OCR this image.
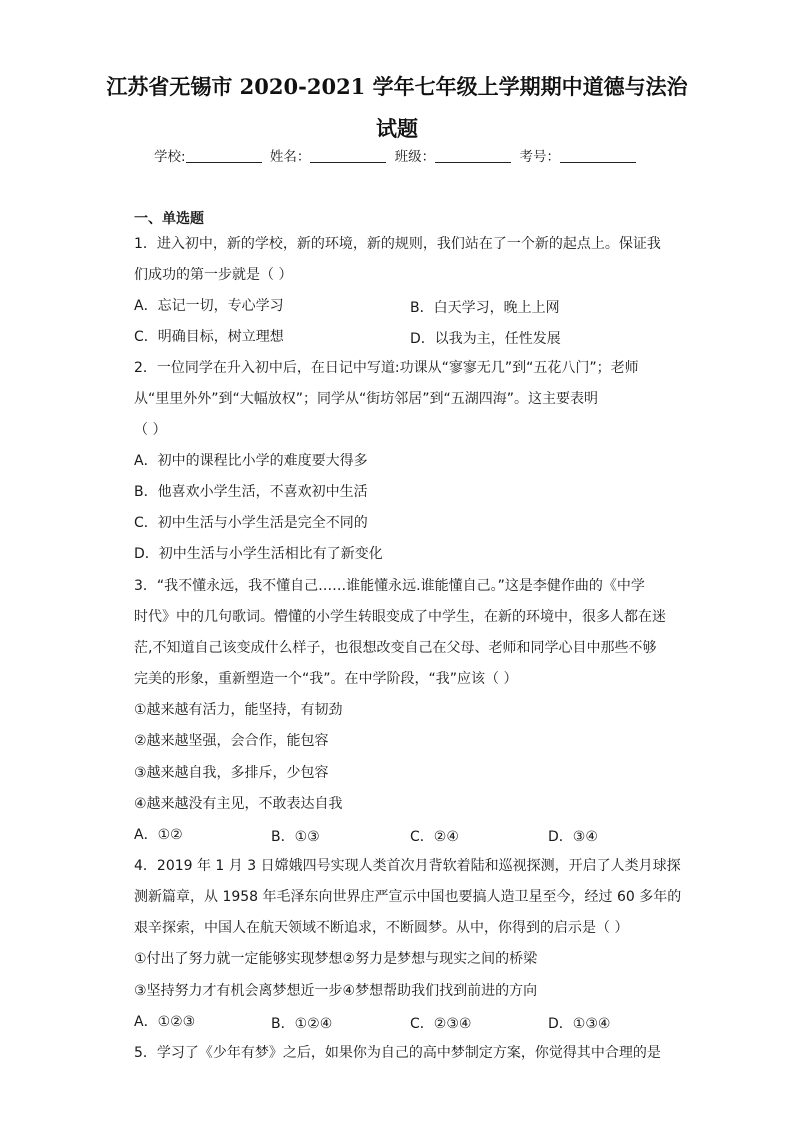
江苏省无锡市 2020-2021 学年七年级上学期期中道德与法治
试题
学校:	姓名：	班级：	考号：
一、单选题
1．进入初中，新的学校，新的环境，新的规则，我们站在了一个新的起点上。保证我
们成功的第一步就是（ ）
A．忘记一切，专心学习	B．白天学习，晚上上网
C．明确目标，树立理想	D．以我为主，任性发展
2．一位同学在升入初中后，在日记中写道:功课从“寥寥无几”到“五花八门”；老师
从“里里外外”到“大幅放权”；同学从“街坊邻居”到“五湖四海”。这主要表明
（ ）
A．初中的课程比小学的难度要大得多
B．他喜欢小学生活，不喜欢初中生活
C．初中生活与小学生活是完全不同的
D．初中生活与小学生活相比有了新变化
3．“我不懂永远，我不懂自己……谁能懂永远.谁能懂自己。”这是李健作曲的《中学
时代》中的几句歌词。懵懂的小学生转眼变成了中学生，在新的环境中，很多人都在迷
茫,不知道自己该变成什么样子，也很想改变自己在父母、老师和同学心目中那些不够
完美的形象，重新塑造一个“我”。在中学阶段，“我”应该（ ）
①越来越有活力，能坚持，有韧劲
②越来越坚强，会合作，能包容
③越来越自我，多排斥，少包容
④越来越没有主见，不敢表达自我
A．①②	B．①③	C．②④	D．③④
4．2019 年 1 月 3 日嫦娥四号实现人类首次月背软着陆和巡视探测，开启了人类月球探
测新篇章，从 1958 年毛泽东向世界庄严宣示中国也要搞人造卫星至今，经过 60 多年的
艰辛探索，中国人在航天领域不断追求，不断圆梦。从中，你得到的启示是（ ）
①付出了努力就一定能够实现梦想②努力是梦想与现实之间的桥梁
③坚持努力才有机会离梦想近一步④梦想帮助我们找到前进的方向
A．①②③	B．①②④	C．②③④	D．①③④
5．学习了《少年有梦》之后，如果你为自己的高中梦制定方案，你觉得其中合理的是
